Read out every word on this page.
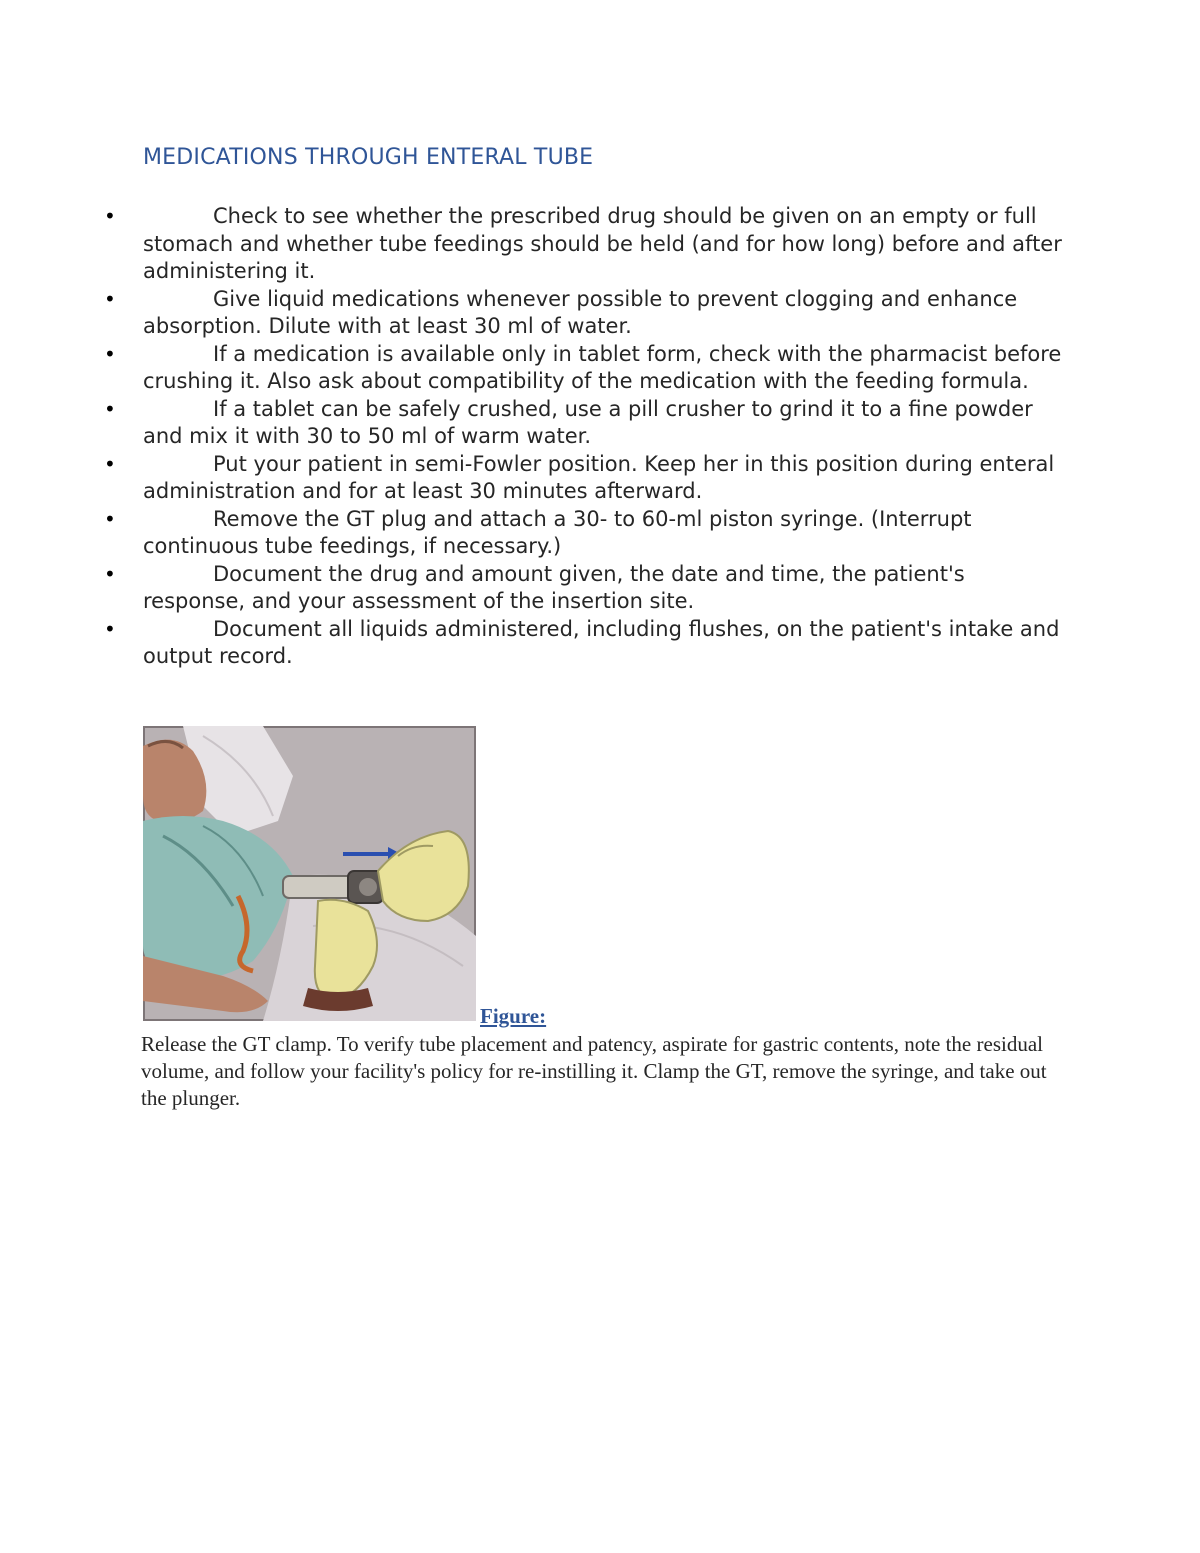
MEDICATIONS THROUGH ENTERAL TUBE
•	Check to see whether the prescribed drug should be given on an empty or full stomach and whether tube feedings should be held (and for how long) before and after administering it.
•	Give liquid medications whenever possible to prevent clogging and enhance absorption. Dilute with at least 30 ml of water.
•	If a medication is available only in tablet form, check with the pharmacist before crushing it. Also ask about compatibility of the medication with the feeding formula.
•	If a tablet can be safely crushed, use a pill crusher to grind it to a fine powder and mix it with 30 to 50 ml of warm water.
•	Put your patient in semi-Fowler position. Keep her in this position during enteral administration and for at least 30 minutes afterward.
•	Remove the GT plug and attach a 30- to 60-ml piston syringe. (Interrupt continuous tube feedings, if necessary.)
•	Document the drug and amount given, the date and time, the patient's response, and your assessment of the insertion site.
•	Document all liquids administered, including flushes, on the patient's intake and output record.
Figure:

Release the GT clamp. To verify tube placement and patency, aspirate for gastric contents, note the residual volume, and follow your facility's policy for re-instilling it. Clamp the GT, remove the syringe, and take out the plunger.
